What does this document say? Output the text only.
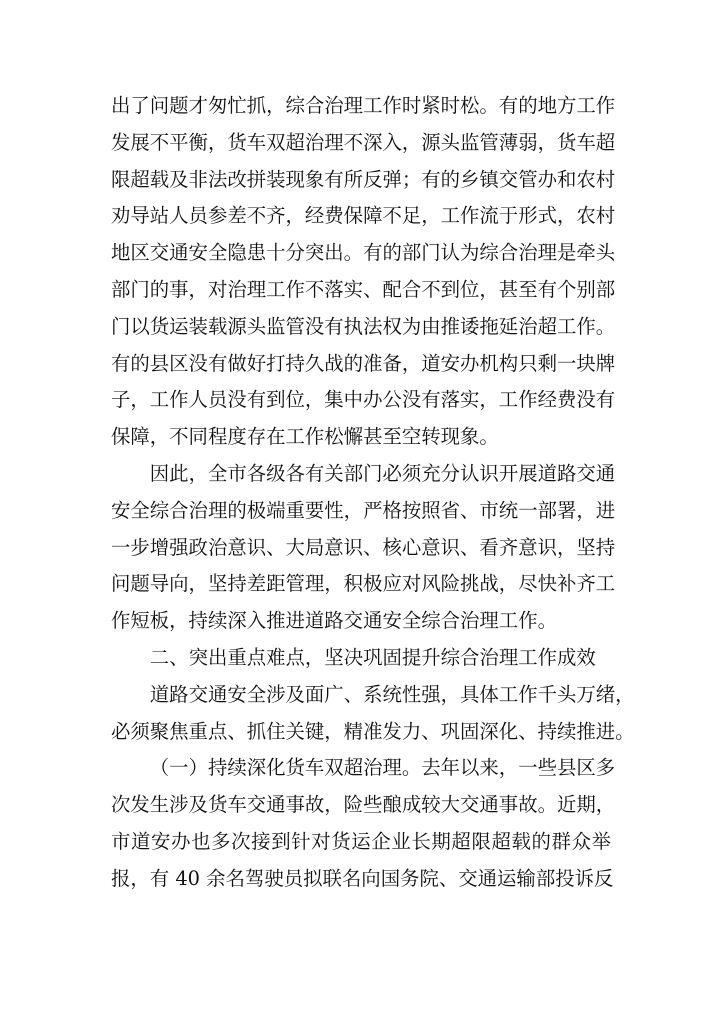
出了问题才匆忙抓，综合治理工作时紧时松。有的地方工作
发展不平衡，货车双超治理不深入，源头监管薄弱，货车超
限超载及非法改拼装现象有所反弹；有的乡镇交管办和农村
劝导站人员参差不齐，经费保障不足，工作流于形式，农村
地区交通安全隐患十分突出。有的部门认为综合治理是牵头
部门的事，对治理工作不落实、配合不到位，甚至有个别部
门以货运装载源头监管没有执法权为由推诿拖延治超工作。
有的县区没有做好打持久战的准备，道安办机构只剩一块牌
子，工作人员没有到位，集中办公没有落实，工作经费没有
保障，不同程度存在工作松懈甚至空转现象。
因此，全市各级各有关部门必须充分认识开展道路交通
安全综合治理的极端重要性，严格按照省、市统一部署，进
一步增强政治意识、大局意识、核心意识、看齐意识，坚持
问题导向，坚持差距管理，积极应对风险挑战，尽快补齐工
作短板，持续深入推进道路交通安全综合治理工作。
二、突出重点难点，坚决巩固提升综合治理工作成效
道路交通安全涉及面广、系统性强，具体工作千头万绪，
必须聚焦重点、抓住关键，精准发力、巩固深化、持续推进。
（一）持续深化货车双超治理。去年以来，一些县区多
次发生涉及货车交通事故，险些酿成较大交通事故。近期，
市道安办也多次接到针对货运企业长期超限超载的群众举
报，有 40 余名驾驶员拟联名向国务院、交通运输部投诉反
